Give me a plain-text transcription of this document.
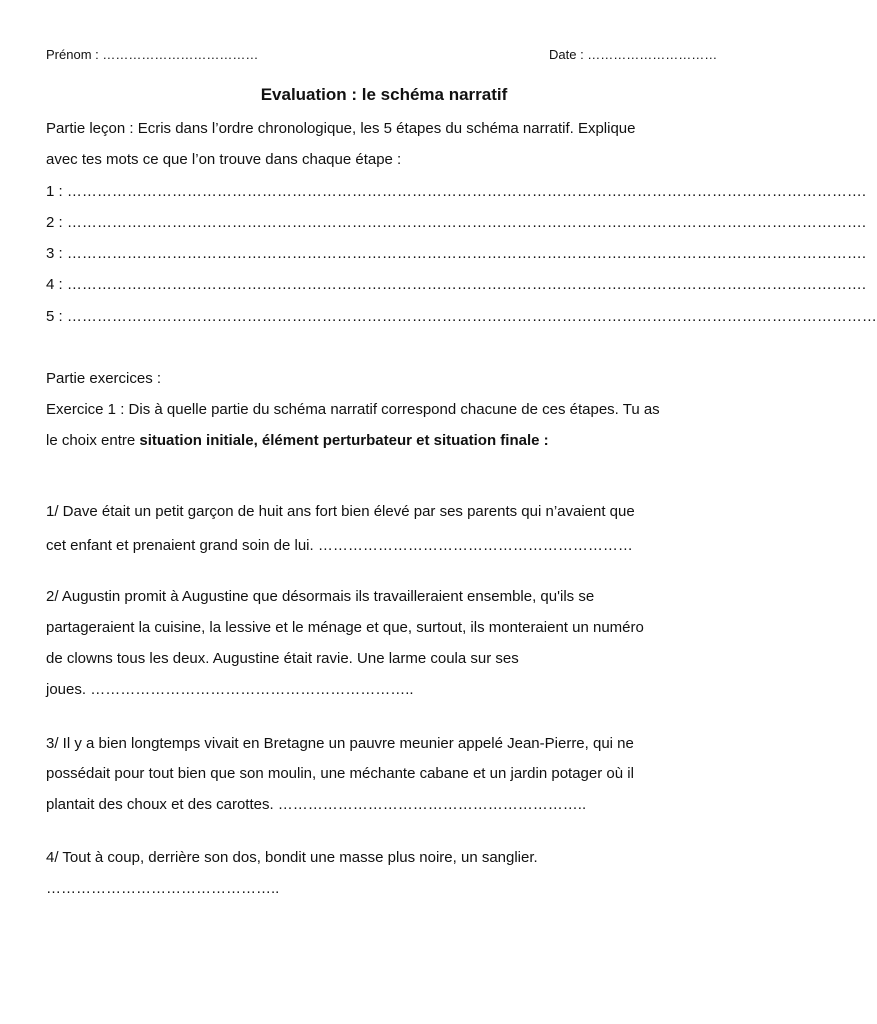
Prénom : ………………………………	Date : …………………………
Evaluation : le schéma narratif
Partie leçon : Ecris dans l’ordre chronologique, les 5 étapes du schéma narratif. Explique
avec tes mots ce que l’on trouve dans chaque étape :
1 : …………………………………………………………………………………………………………………………………………….
2 : …………………………………………………………………………………………………………………………………………….
3 : …………………………………………………………………………………………………………………………………………….
4 : …………………………………………………………………………………………………………………………………………….
5 : ………………………………………………………………………………………………………………………………………………
Partie exercices :
Exercice 1 : Dis à quelle partie du schéma narratif correspond chacune de ces étapes. Tu as
le choix entre situation initiale, élément perturbateur et situation finale :
1/ Dave était un petit garçon de huit ans fort bien élevé par ses parents qui n’avaient que
cet enfant et prenaient grand soin de lui. ………………………………………………………
2/ Augustin promit à Augustine que désormais ils travailleraient ensemble, qu'ils se
partageraient la cuisine, la lessive et le ménage et que, surtout, ils monteraient un numéro
de clowns tous les deux. Augustine était ravie. Une larme coula sur ses
joues. ………………………………………………………..
3/ Il y a bien longtemps vivait en Bretagne un pauvre meunier appelé Jean-Pierre, qui ne
possédait pour tout bien que son moulin, une méchante cabane et un jardin potager où il
plantait des choux et des carottes. ……………………………………………………..
4/ Tout à coup, derrière son dos, bondit une masse plus noire, un sanglier.
………………………………………..
